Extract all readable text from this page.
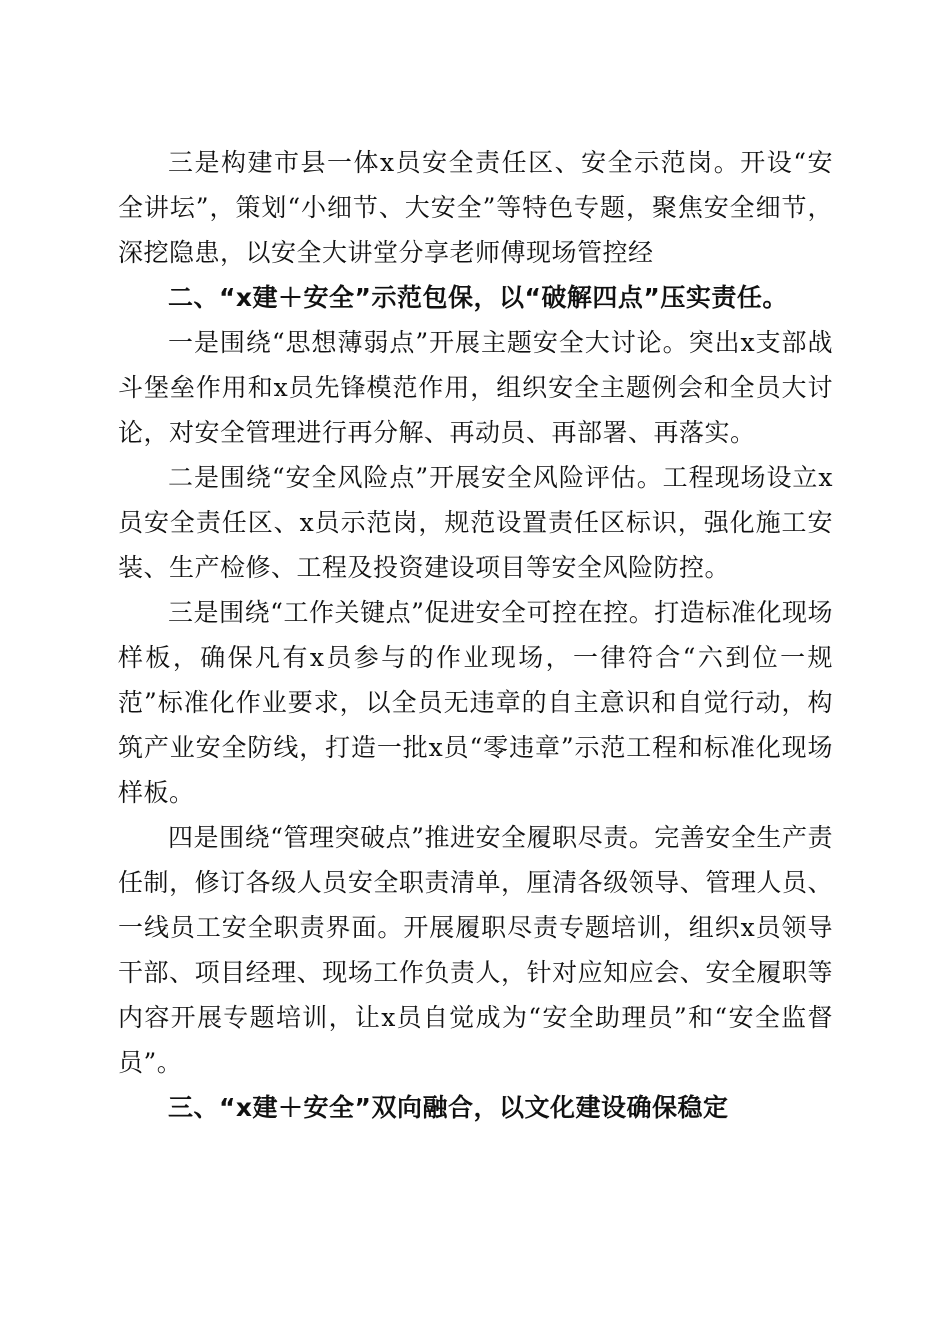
三是构建市县一体x员安全责任区、安全示范岗。开设“安全讲坛”，策划“小细节、大安全”等特色专题，聚焦安全细节，深挖隐患，以安全大讲堂分享老师傅现场管控经

二、“x建＋安全”示范包保，以“破解四点”压实责任。

一是围绕“思想薄弱点”开展主题安全大讨论。突出x支部战斗堡垒作用和x员先锋模范作用，组织安全主题例会和全员大讨论，对安全管理进行再分解、再动员、再部署、再落实。

二是围绕“安全风险点”开展安全风险评估。工程现场设立x员安全责任区、x员示范岗，规范设置责任区标识，强化施工安装、生产检修、工程及投资建设项目等安全风险防控。

三是围绕“工作关键点”促进安全可控在控。打造标准化现场样板，确保凡有x员参与的作业现场，一律符合“六到位一规范”标准化作业要求，以全员无违章的自主意识和自觉行动，构筑产业安全防线，打造一批x员“零违章”示范工程和标准化现场样板。

四是围绕“管理突破点”推进安全履职尽责。完善安全生产责任制，修订各级人员安全职责清单，厘清各级领导、管理人员、一线员工安全职责界面。开展履职尽责专题培训，组织x员领导干部、项目经理、现场工作负责人，针对应知应会、安全履职等内容开展专题培训，让x员自觉成为“安全助理员”和“安全监督员”。

三、“x建＋安全”双向融合，以文化建设确保稳定
